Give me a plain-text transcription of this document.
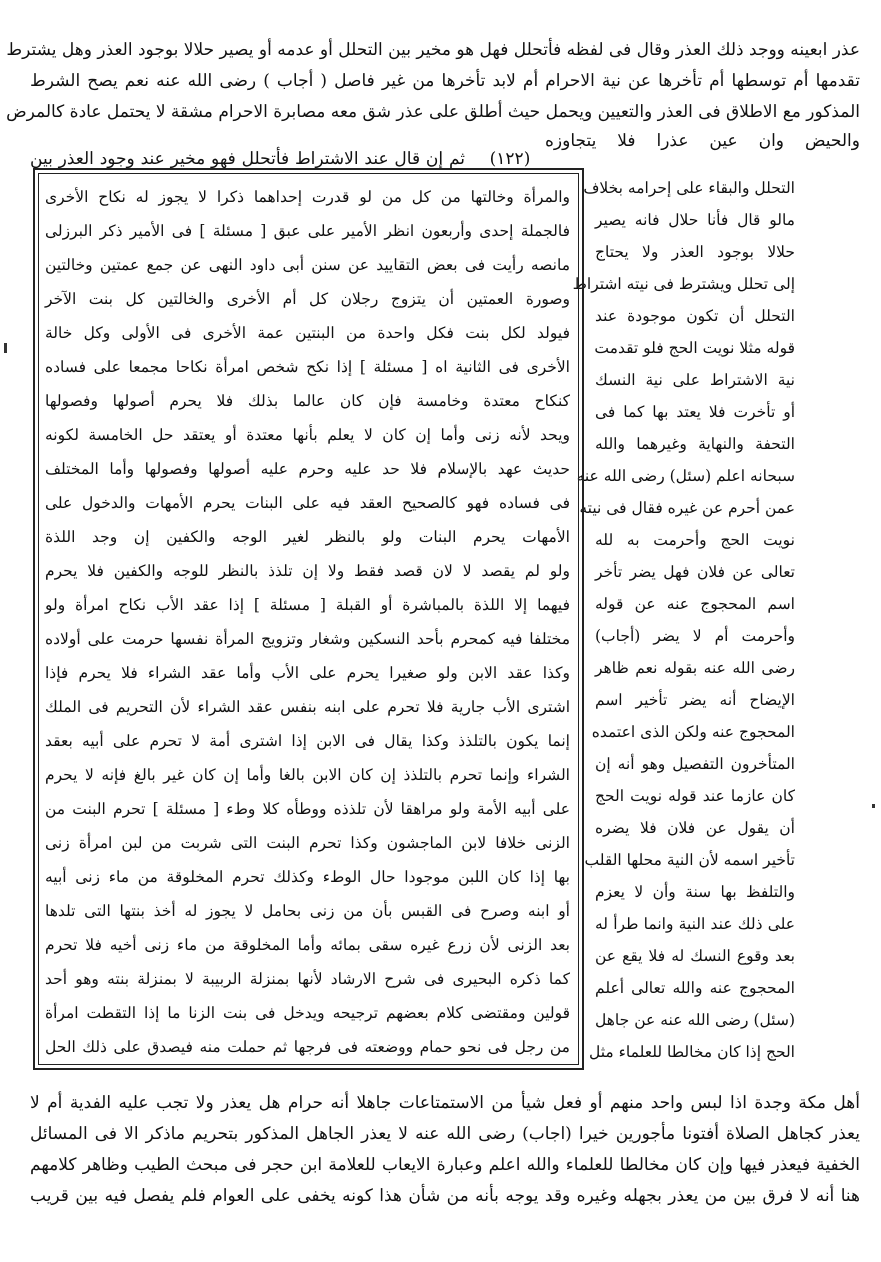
عذر ابعينه ووجد ذلك العذر وقال فى لفظه فأتحلل فهل هو مخير بين التحلل أو عدمه أو يصير حلالا بوجود العذر وهل يشترط
تقدمها أم توسطها أم تأخرها عن نية الاحرام أم لابد تأخرها من غير فاصل ( أجاب ) رضى الله عنه نعم يصح الشرط
المذكور مع الاطلاق فى العذر والتعيين ويحمل حيث أطلق على عذر شق معه مصابرة الاحرام مشقة لا يحتمل عادة كالمرض
والحيض وان عين عذرا فلا يتجاوزه
(١٢٢)
ثم إن قال عند الاشتراط فأتحلل فهو مخير عند وجود العذر بين
التحلل والبقاء على إحرامه بخلاف
مالو قال فأنا حلال فانه يصير
حلالا بوجود العذر ولا يحتاج
إلى تحلل ويشترط فى نيته اشتراط
التحلل أن تكون موجودة عند
قوله مثلا نويت الحج فلو تقدمت
نية الاشتراط على نية النسك
أو تأخرت فلا يعتد بها كما فى
التحفة والنهاية وغيرهما والله
سبحانه اعلم (سئل) رضى الله عنه
عمن أحرم عن غيره فقال فى نيته
نويت الحج وأحرمت به لله
تعالى عن فلان فهل يضر تأخر
اسم المحجوج عنه عن قوله
وأحرمت أم لا يضر (أجاب)
رضى الله عنه بقوله نعم ظاهر
الإيضاح أنه يضر تأخير اسم
المحجوج عنه ولكن الذى اعتمده
المتأخرون التفصيل وهو أنه إن
كان عازما عند قوله نويت الحج
أن يقول عن فلان فلا يضره
تأخير اسمه لأن النية محلها القلب
والتلفظ بها سنة وأن لا يعزم
على ذلك عند النية وانما طرأ له
بعد وقوع النسك له فلا يقع عن
المحجوج عنه والله تعالى أعلم
(سئل) رضى الله عنه عن جاهل
الحج إذا كان مخالطا للعلماء مثل
والمرأة وخالتها من كل من لو قدرت إحداهما ذكرا لا يجوز له نكاح الأخرى
فالجملة إحدى وأربعون انظر الأمير على عبق [ مسئلة ] فى الأمير ذكر البرزلى
مانصه رأيت فى بعض التقاييد عن سنن أبى داود النهى عن جمع عمتين وخالتين
وصورة العمتين أن يتزوج رجلان كل أم الأخرى والخالتين كل بنت الآخر
فيولد لكل بنت فكل واحدة من البنتين عمة الأخرى فى الأولى وكل خالة
الأخرى فى الثانية اه [ مسئلة ] إذا نكح شخص امرأة نكاحا مجمعا على فساده
كنكاح معتدة وخامسة فإن كان عالما بذلك فلا يحرم أصولها وفصولها
ويحد لأنه زنى وأما إن كان لا يعلم بأنها معتدة أو يعتقد حل الخامسة لكونه
حديث عهد بالإسلام فلا حد عليه وحرم عليه أصولها وفصولها وأما المختلف
فى فساده فهو كالصحيح العقد فيه على البنات يحرم الأمهات والدخول على
الأمهات يحرم البنات ولو بالنظر لغير الوجه والكفين إن وجد اللذة
ولو لم يقصد لا لان قصد فقط ولا إن تلذذ بالنظر للوجه والكفين فلا يحرم
فيهما إلا اللذة بالمباشرة أو القبلة [ مسئلة ] إذا عقد الأب نكاح امرأة ولو
مختلفا فيه كمحرم بأحد النسكين وشغار وتزويج المرأة نفسها حرمت على أولاده
وكذا عقد الابن ولو صغيرا يحرم على الأب وأما عقد الشراء فلا يحرم فإذا
اشترى الأب جارية فلا تحرم على ابنه بنفس عقد الشراء لأن التحريم فى الملك
إنما يكون بالتلذذ وكذا يقال فى الابن إذا اشترى أمة لا تحرم على أبيه بعقد
الشراء وإنما تحرم بالتلذذ إن كان الابن بالغا وأما إن كان غير بالغ فإنه لا يحرم
على أبيه الأمة ولو مراهقا لأن تلذذه ووطأه كلا وطء [ مسئلة ] تحرم البنت من
الزنى خلافا لابن الماجشون وكذا تحرم البنت التى شربت من لبن امرأة زنى
بها إذا كان اللبن موجودا حال الوطء وكذلك تحرم المخلوقة من ماء زنى أبيه
أو ابنه وصرح فى القبس بأن من زنى بحامل لا يجوز له أخذ بنتها التى تلدها
بعد الزنى لأن زرع غيره سقى بمائه وأما المخلوقة من ماء زنى أخيه فلا تحرم
كما ذكره البحيرى فى شرح الارشاد لأنها بمنزلة الربيبة لا بمنزلة بنته وهو أحد
قولين ومقتضى كلام بعضهم ترجيحه ويدخل فى بنت الزنا ما إذا التقطت امرأة
من رجل فى نحو حمام ووضعته فى فرجها ثم حملت منه فيصدق على ذلك الحل
أهل مكة وجدة اذا لبس واحد منهم أو فعل شيأ من الاستمتاعات جاهلا أنه حرام هل يعذر ولا تجب عليه الفدية أم لا
يعذر كجاهل الصلاة أفتونا مأجورين خيرا (اجاب) رضى الله عنه لا يعذر الجاهل المذكور بتحريم ماذكر الا فى المسائل
الخفية فيعذر فيها وإن كان مخالطا للعلماء والله اعلم وعبارة الايعاب للعلامة ابن حجر فى مبحث الطيب وظاهر كلامهم
هنا أنه لا فرق بين من يعذر بجهله وغيره وقد يوجه بأنه من شأن هذا كونه يخفى على العوام فلم يفصل فيه بين قريب
